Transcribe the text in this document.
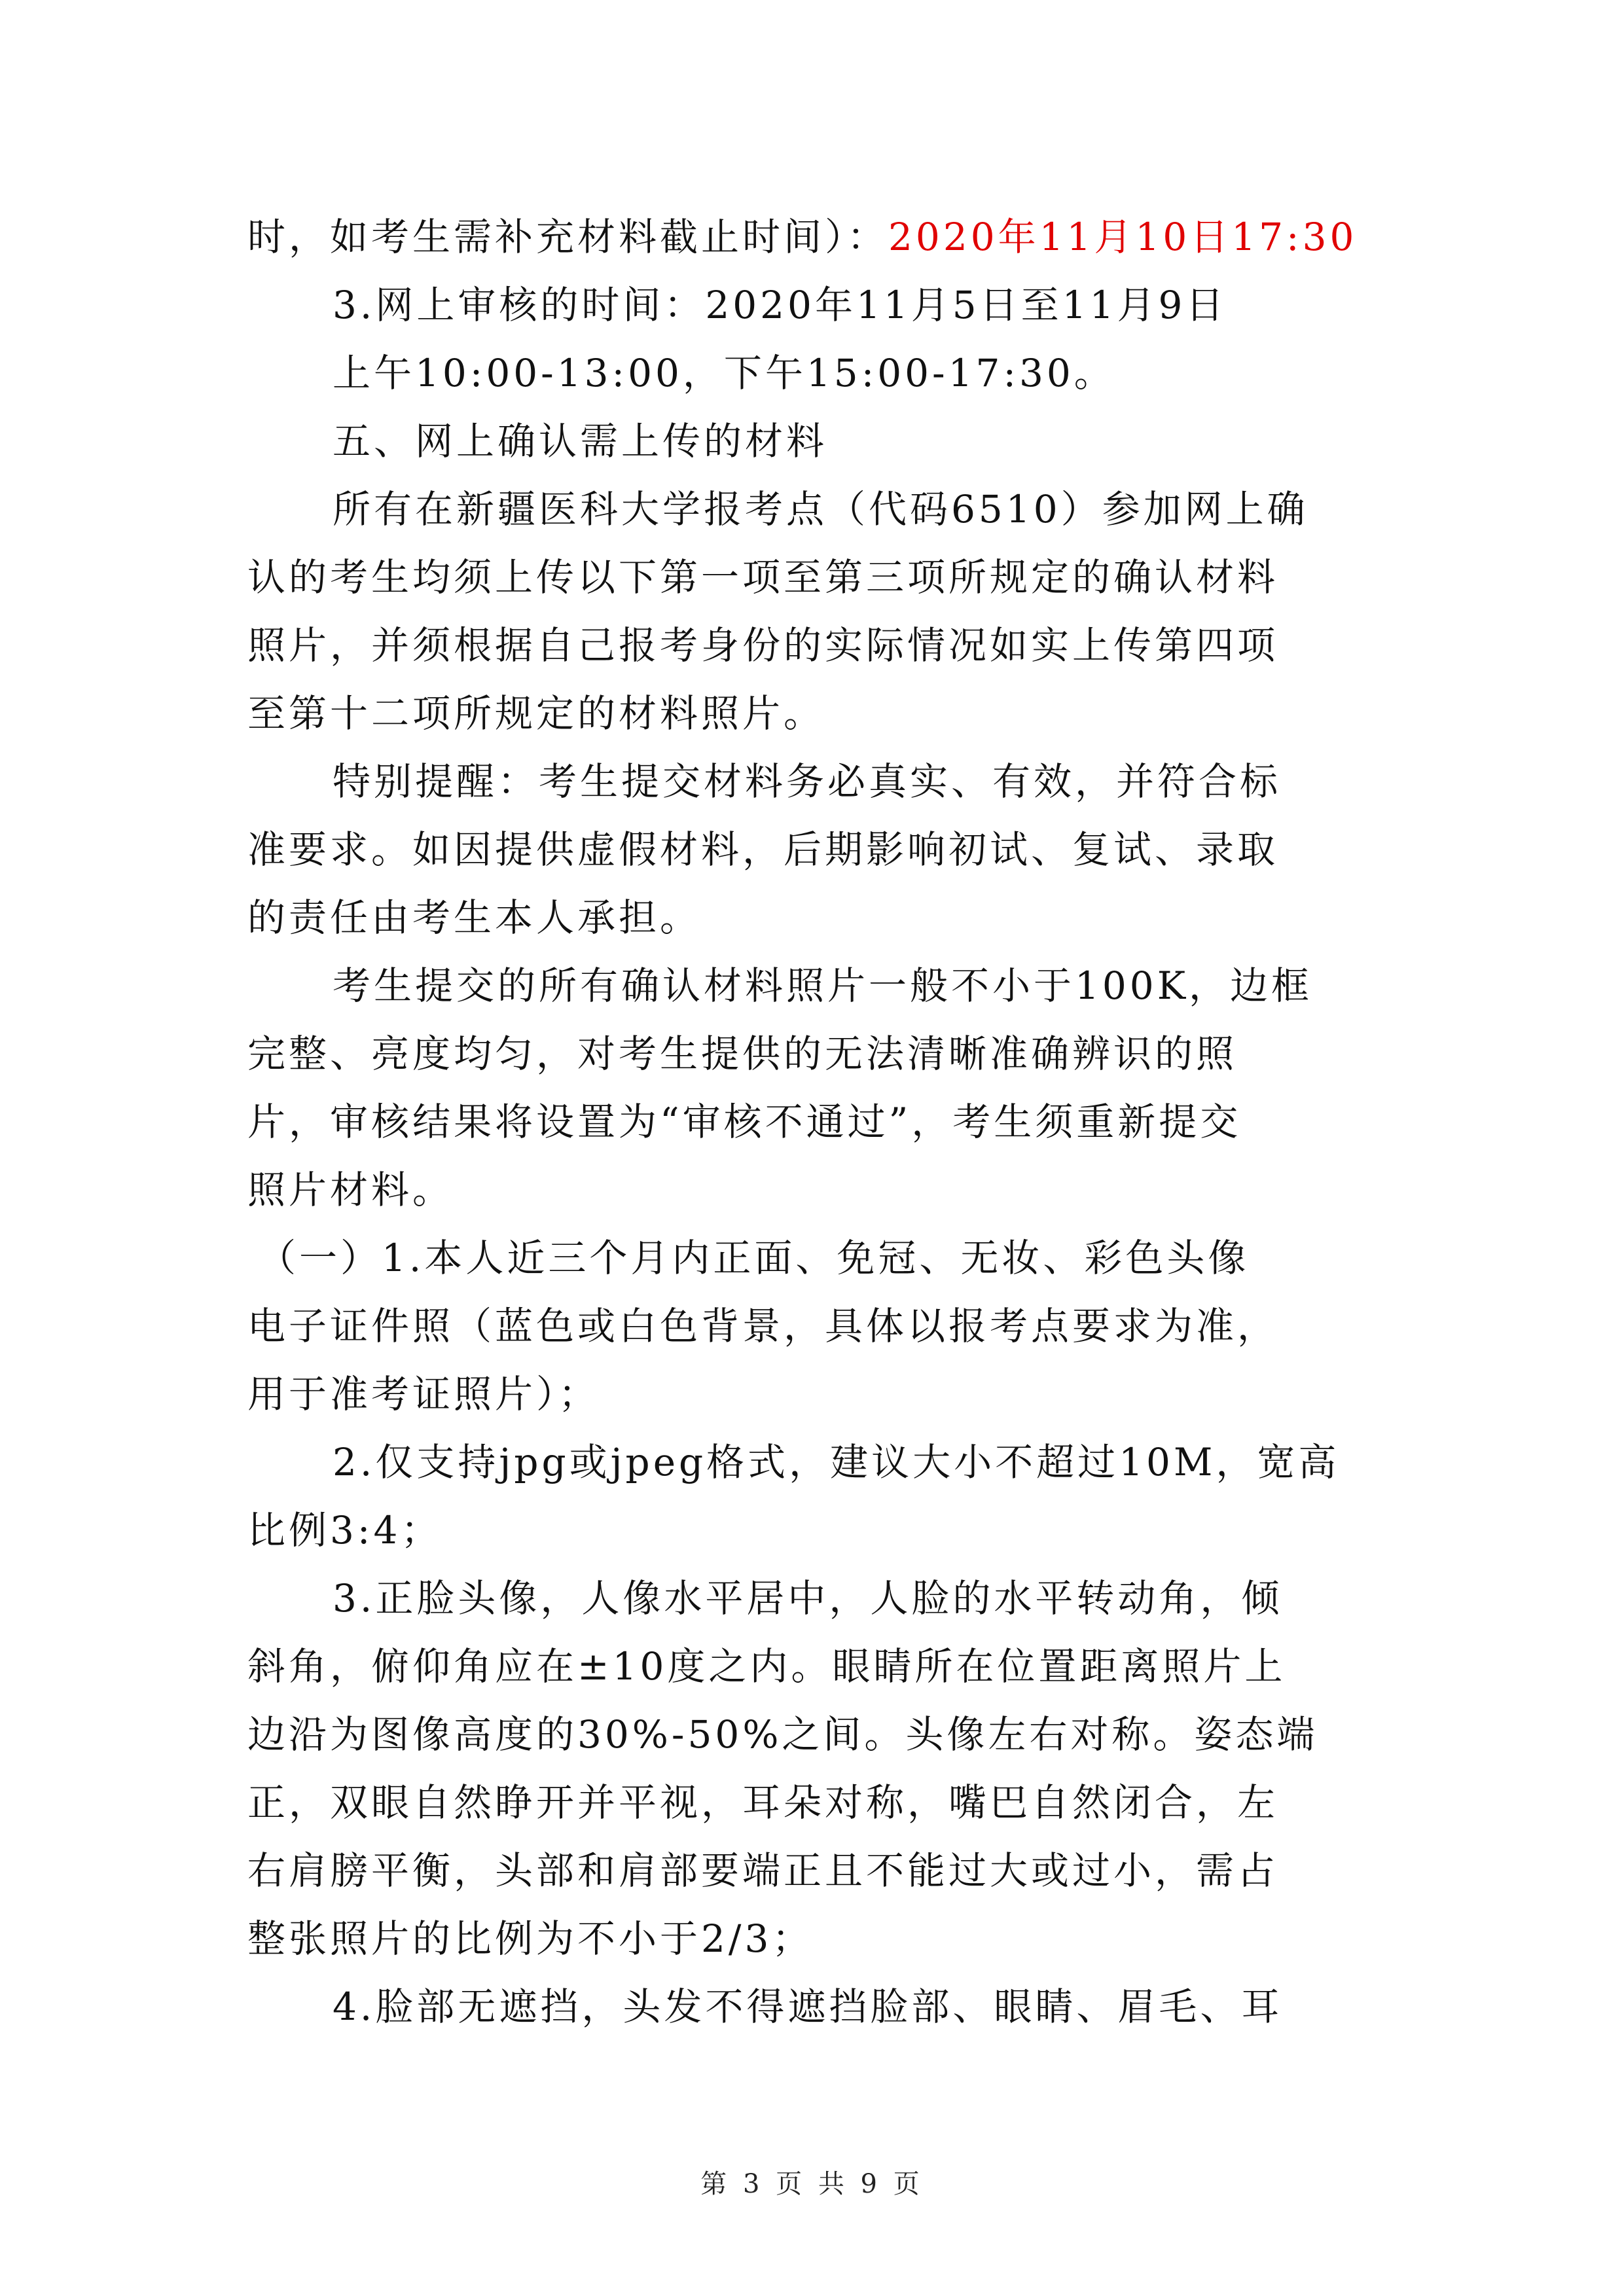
时，如考生需补充材料截止时间）：2020年11月10日17:30
3.网上审核的时间：2020年11月5日至11月9日
上午10:00-13:00，下午15:00-17:30。
五、网上确认需上传的材料
所有在新疆医科大学报考点（代码6510）参加网上确
认的考生均须上传以下第一项至第三项所规定的确认材料
照片，并须根据自己报考身份的实际情况如实上传第四项
至第十二项所规定的材料照片。
特别提醒：考生提交材料务必真实、有效，并符合标
准要求。如因提供虚假材料，后期影响初试、复试、录取
的责任由考生本人承担。
考生提交的所有确认材料照片一般不小于100K，边框
完整、亮度均匀，对考生提供的无法清晰准确辨识的照
片，审核结果将设置为“审核不通过”，考生须重新提交
照片材料。
（一）1.本人近三个月内正面、免冠、无妆、彩色头像
电子证件照（蓝色或白色背景，具体以报考点要求为准，
用于准考证照片）；
2.仅支持jpg或jpeg格式，建议大小不超过10M，宽高
比例3:4；
3.正脸头像，人像水平居中，人脸的水平转动角，倾
斜角，俯仰角应在±10度之内。眼睛所在位置距离照片上
边沿为图像高度的30%-50%之间。头像左右对称。姿态端
正，双眼自然睁开并平视，耳朵对称，嘴巴自然闭合，左
右肩膀平衡，头部和肩部要端正且不能过大或过小，需占
整张照片的比例为不小于2/3；
4.脸部无遮挡，头发不得遮挡脸部、眼睛、眉毛、耳
第 3 页 共 9 页
